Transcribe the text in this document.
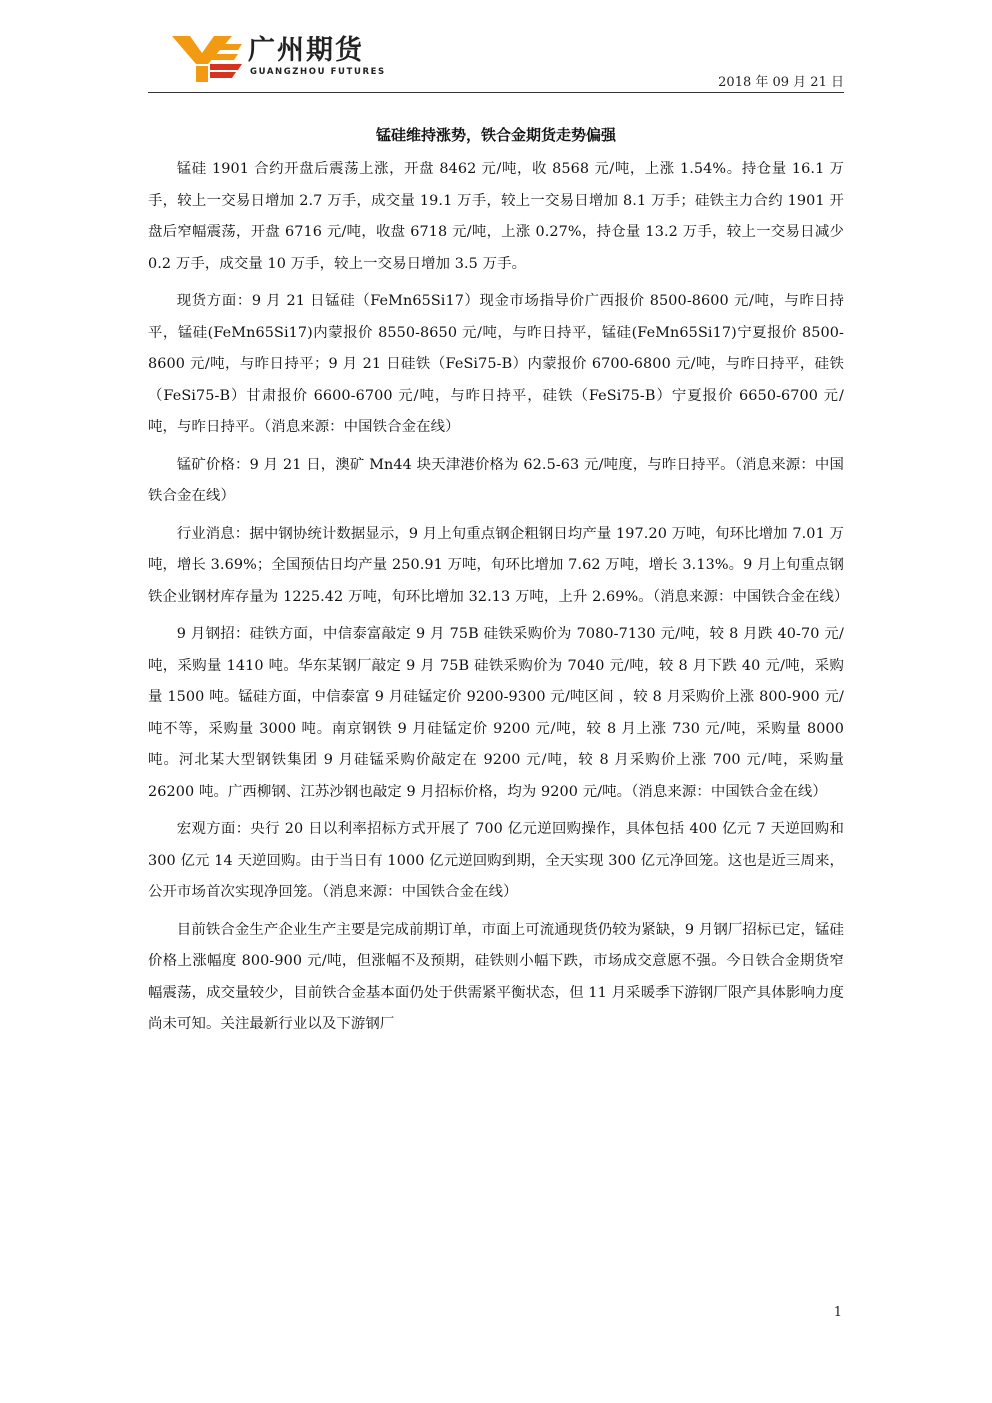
广州期货
GUANGZHOU FUTURES
2018 年 09 月 21 日
锰硅维持涨势，铁合金期货走势偏强

锰硅 1901 合约开盘后震荡上涨，开盘 8462 元/吨，收 8568 元/吨，上涨 1.54%。持仓量 16.1 万手，较上一交易日增加 2.7 万手，成交量 19.1 万手，较上一交易日增加 8.1 万手；硅铁主力合约 1901 开盘后窄幅震荡，开盘 6716 元/吨，收盘 6718 元/吨，上涨 0.27%，持仓量 13.2 万手，较上一交易日减少 0.2 万手，成交量 10 万手，较上一交易日增加 3.5 万手。

现货方面：9 月 21 日锰硅（FeMn65Si17）现金市场指导价广西报价 8500-8600 元/吨，与昨日持平，锰硅(FeMn65Si17)内蒙报价 8550-8650 元/吨，与昨日持平，锰硅(FeMn65Si17)宁夏报价 8500-8600 元/吨，与昨日持平；9 月 21 日硅铁（FeSi75-B）内蒙报价 6700-6800 元/吨，与昨日持平，硅铁（FeSi75-B）甘肃报价 6600-6700 元/吨，与昨日持平，硅铁（FeSi75-B）宁夏报价 6650-6700 元/吨，与昨日持平。（消息来源：中国铁合金在线）

锰矿价格：9 月 21 日，澳矿 Mn44 块天津港价格为 62.5-63 元/吨度，与昨日持平。（消息来源：中国铁合金在线）

行业消息：据中钢协统计数据显示，9 月上旬重点钢企粗钢日均产量 197.20 万吨，旬环比增加 7.01 万吨，增长 3.69%；全国预估日均产量 250.91 万吨，旬环比增加 7.62 万吨，增长 3.13%。9 月上旬重点钢铁企业钢材库存量为 1225.42 万吨，旬环比增加 32.13 万吨，上升 2.69%。（消息来源：中国铁合金在线）

9 月钢招：硅铁方面，中信泰富敲定 9 月 75B 硅铁采购价为 7080-7130 元/吨，较 8 月跌 40-70 元/吨，采购量 1410 吨。华东某钢厂敲定 9 月 75B 硅铁采购价为 7040 元/吨，较 8 月下跌 40 元/吨，采购量 1500 吨。锰硅方面，中信泰富 9 月硅锰定价 9200-9300 元/吨区间 ，较 8 月采购价上涨 800-900 元/吨不等，采购量 3000 吨。南京钢铁 9 月硅锰定价 9200 元/吨，较 8 月上涨 730 元/吨，采购量 8000 吨。河北某大型钢铁集团 9 月硅锰采购价敲定在 9200 元/吨，较 8 月采购价上涨 700 元/吨，采购量 26200 吨。广西柳钢、江苏沙钢也敲定 9 月招标价格，均为 9200 元/吨。（消息来源：中国铁合金在线）

宏观方面：央行 20 日以利率招标方式开展了 700 亿元逆回购操作，具体包括 400 亿元 7 天逆回购和 300 亿元 14 天逆回购。由于当日有 1000 亿元逆回购到期，全天实现 300 亿元净回笼。这也是近三周来，公开市场首次实现净回笼。（消息来源：中国铁合金在线）

目前铁合金生产企业生产主要是完成前期订单，市面上可流通现货仍较为紧缺，9 月钢厂招标已定，锰硅价格上涨幅度 800-900 元/吨，但涨幅不及预期，硅铁则小幅下跌，市场成交意愿不强。今日铁合金期货窄幅震荡，成交量较少，目前铁合金基本面仍处于供需紧平衡状态，但 11 月采暖季下游钢厂限产具体影响力度尚未可知。关注最新行业以及下游钢厂

1
